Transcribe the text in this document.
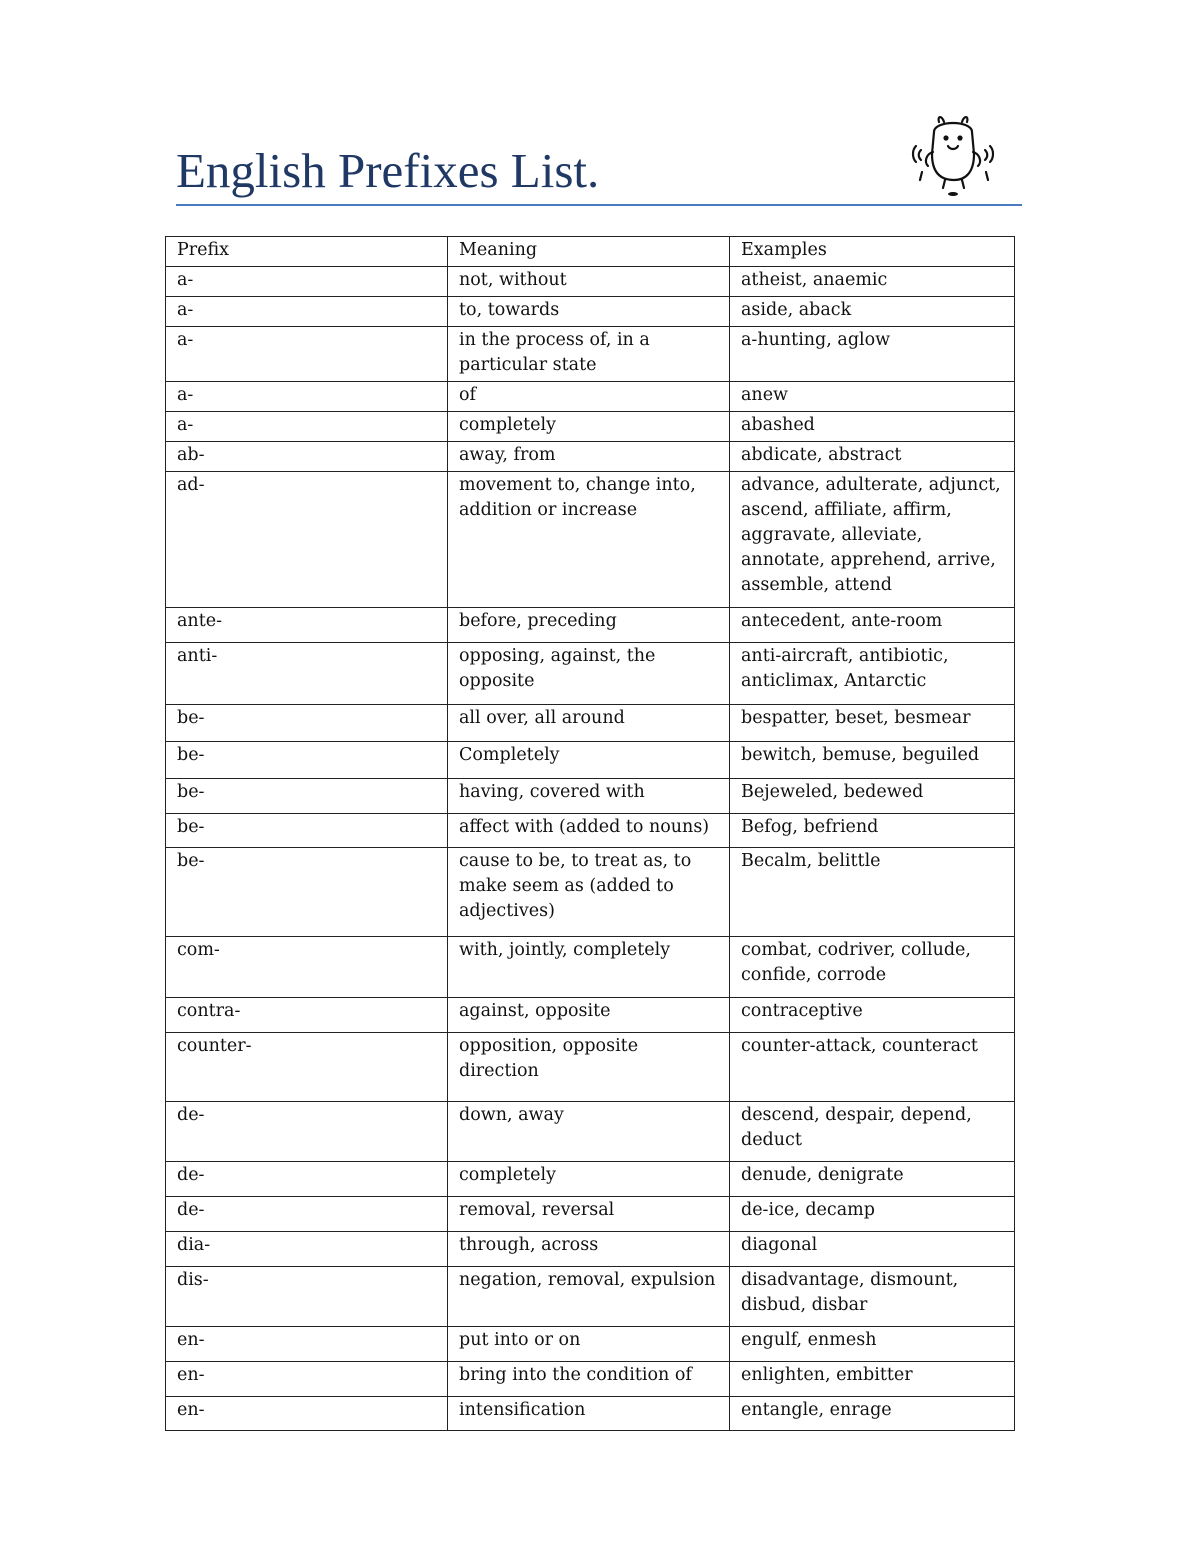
English Prefixes List.
Prefix	Meaning	Examples
a-	not, without	atheist, anaemic
a-	to, towards	aside, aback
a-	in the process of, in a particular state	a-hunting, aglow
a-	of	anew
a-	completely	abashed
ab-	away, from	abdicate, abstract
ad-	movement to, change into, addition or increase	advance, adulterate, adjunct, ascend, affiliate, affirm, aggravate, alleviate, annotate, apprehend, arrive, assemble, attend
ante-	before, preceding	antecedent, ante-room
anti-	opposing, against, the opposite	anti-aircraft, antibiotic, anticlimax, Antarctic
be-	all over, all around	bespatter, beset, besmear
be-	Completely	bewitch, bemuse, beguiled
be-	having, covered with	Bejeweled, bedewed
be-	affect with (added to nouns)	Befog, befriend
be-	cause to be, to treat as, to make seem as (added to adjectives)	Becalm, belittle
com-	with, jointly, completely	combat, codriver, collude, confide, corrode
contra-	against, opposite	contraceptive
counter-	opposition, opposite direction	counter-attack, counteract
de-	down, away	descend, despair, depend, deduct
de-	completely	denude, denigrate
de-	removal, reversal	de-ice, decamp
dia-	through, across	diagonal
dis-	negation, removal, expulsion	disadvantage, dismount, disbud, disbar
en-	put into or on	engulf, enmesh
en-	bring into the condition of	enlighten, embitter
en-	intensification	entangle, enrage
